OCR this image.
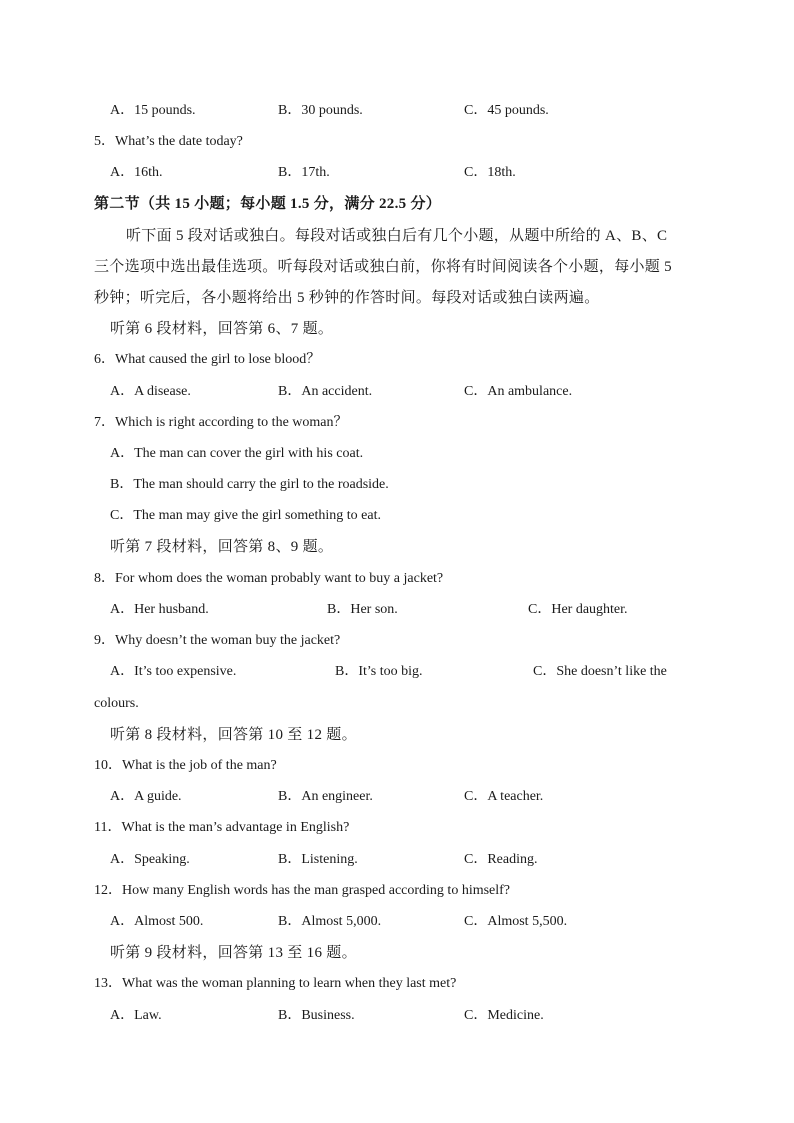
A．15 pounds.	B．30 pounds.	C．45 pounds.
5．What’s the date today?
A．16th.	B．17th.	C．18th.
第二节（共 15 小题；每小题 1.5 分，满分 22.5 分）
听下面 5 段对话或独白。每段对话或独白后有几个小题，从题中所给的 A、B、C
三个选项中选出最佳选项。听每段对话或独白前，你将有时间阅读各个小题，每小题 5
秒钟；听完后，各小题将给出 5 秒钟的作答时间。每段对话或独白读两遍。
听第 6 段材料，回答第 6、7 题。
6．What caused the girl to lose blood？
A．A disease.	B．An accident.	C．An ambulance.
7．Which is right according to the woman？
A．The man can cover the girl with his coat.
B．The man should carry the girl to the roadside.
C．The man may give the girl something to eat.
听第 7 段材料，回答第 8、9 题。
8．For whom does the woman probably want to buy a jacket?
A．Her husband.	B．Her son.	C．Her daughter.
9．Why doesn’t the woman buy the jacket?
A．It’s too expensive.	B．It’s too big.	C．She doesn’t like the
colours.
听第 8 段材料，回答第 10 至 12 题。
10．What is the job of the man?
A．A guide.	B．An engineer.	C．A teacher.
11．What is the man’s advantage in English?
A．Speaking.	B．Listening.	C．Reading.
12．How many English words has the man grasped according to himself?
A．Almost 500.	B．Almost 5,000.	C．Almost 5,500.
听第 9 段材料，回答第 13 至 16 题。
13．What was the woman planning to learn when they last met?
A．Law.	B．Business.	C．Medicine.
